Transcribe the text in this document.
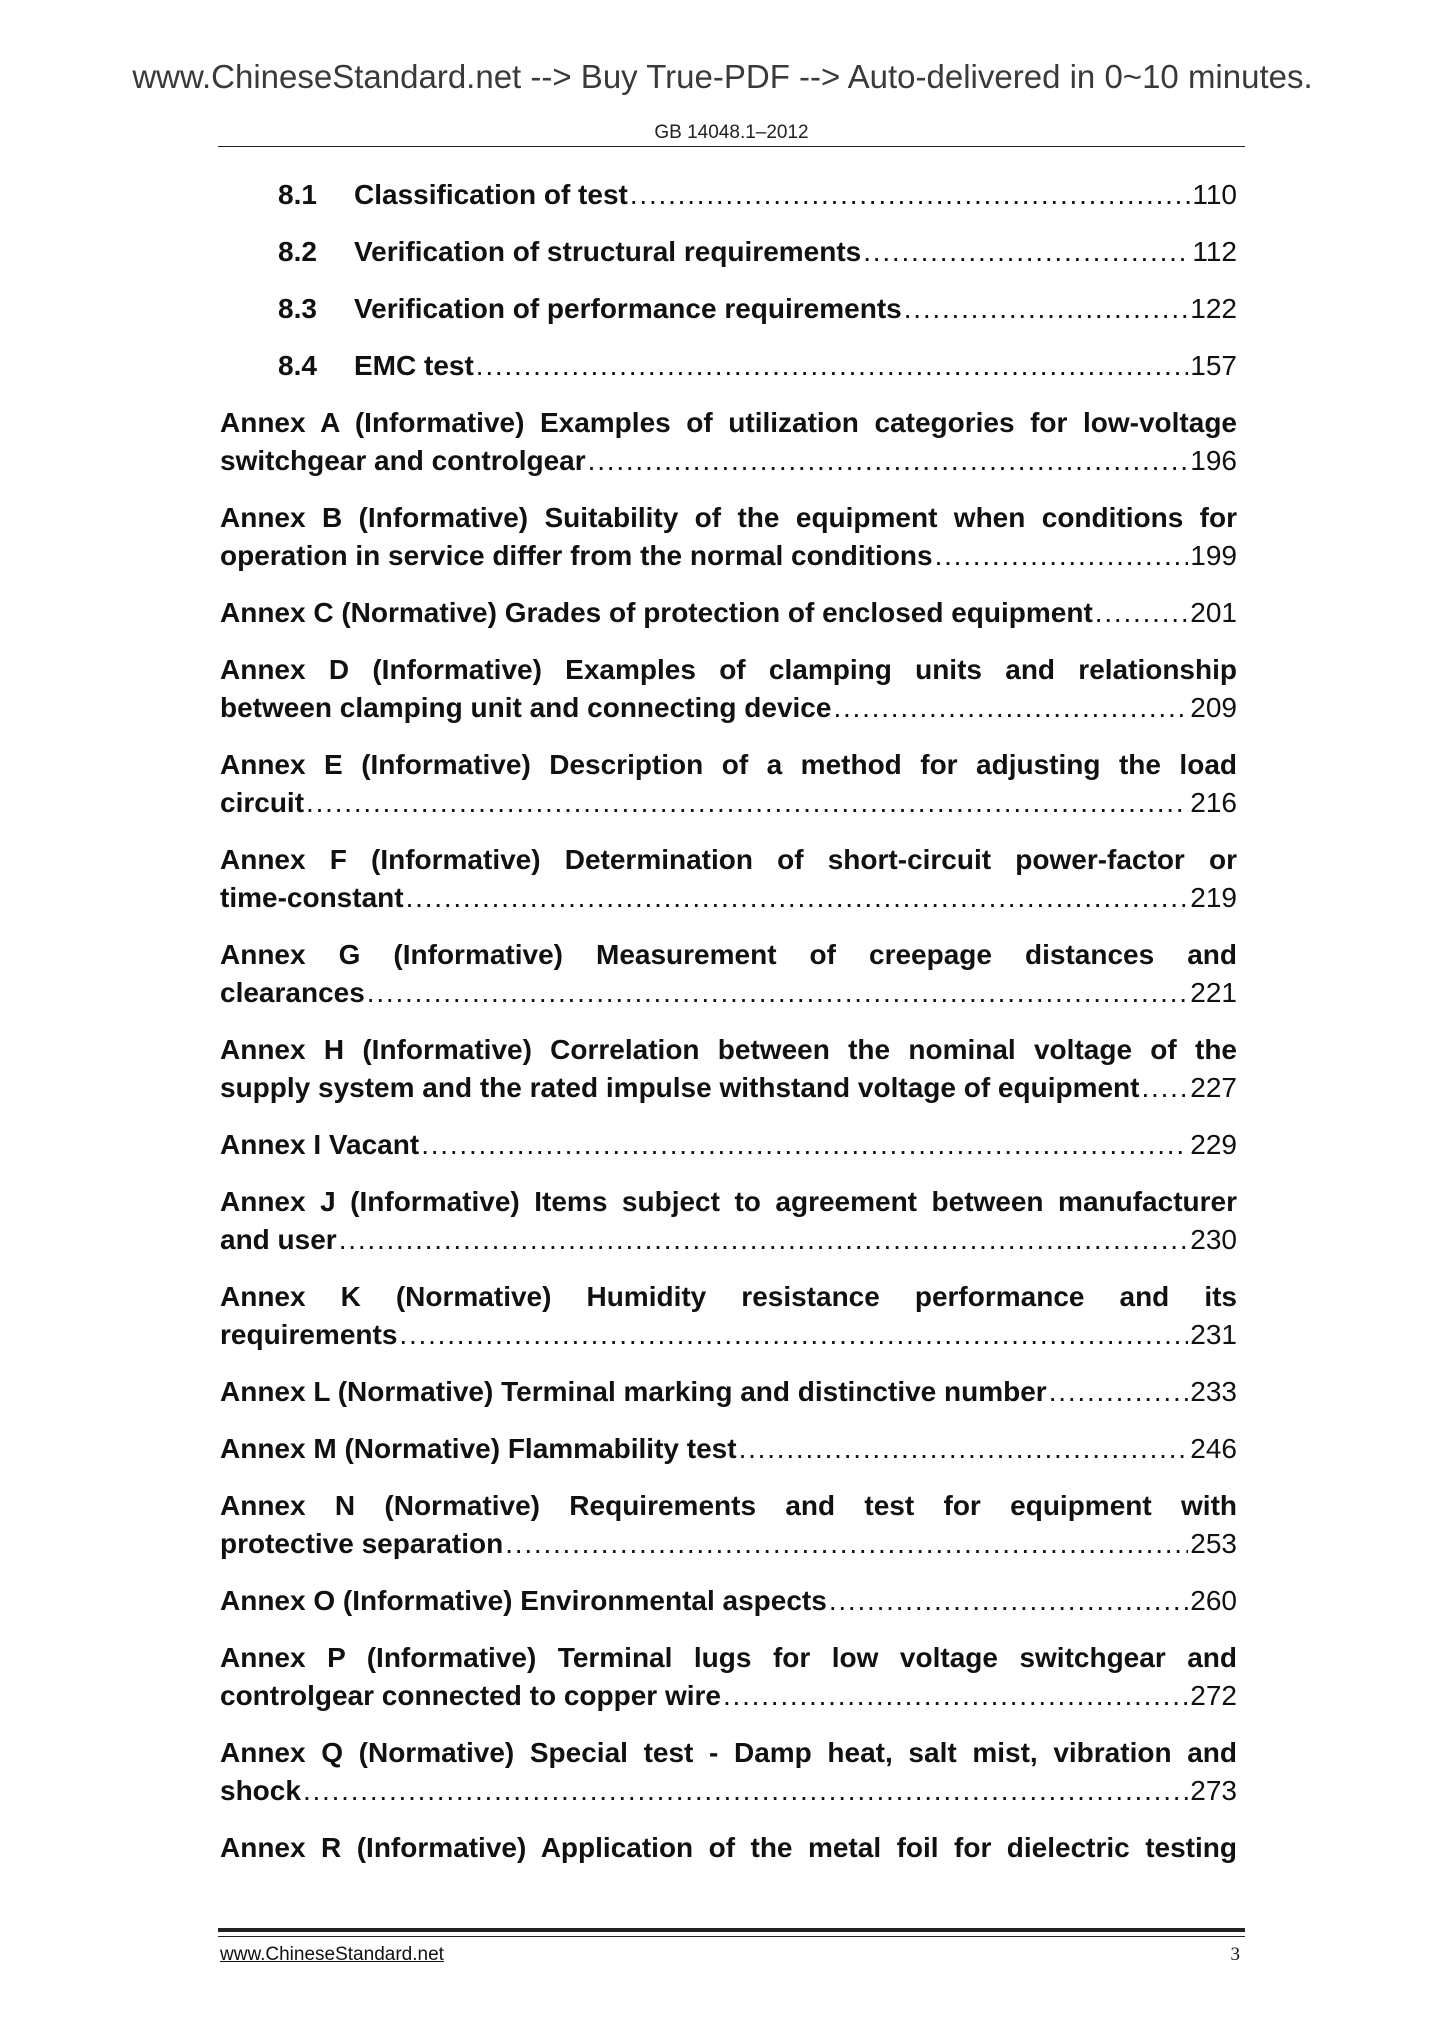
www.ChineseStandard.net --> Buy True-PDF --> Auto-delivered in 0~10 minutes.
GB 14048.1–2012
8.1	Classification of test . . .	110
8.2	Verification of structural requirements . . .	112
8.3	Verification of performance requirements . . .	122
8.4	EMC test . . .	157
Annex A (Informative) Examples of utilization categories for low-voltage
switchgear and controlgear . . .	196
Annex B (Informative) Suitability of the equipment when conditions for
operation in service differ from the normal conditions . . .	199
Annex C (Normative) Grades of protection of enclosed equipment . . .	201
Annex D (Informative) Examples of clamping units and relationship
between clamping unit and connecting device . . .	209
Annex E (Informative) Description of a method for adjusting the load
circuit . . .	216
Annex F (Informative) Determination of short-circuit power-factor or
time-constant . . .	219
Annex G (Informative) Measurement of creepage distances and
clearances . . .	221
Annex H (Informative) Correlation between the nominal voltage of the
supply system and the rated impulse withstand voltage of equipment . . . 227
Annex I Vacant . . .	229
Annex J (Informative) Items subject to agreement between manufacturer
and user . . .	230
Annex K (Normative) Humidity resistance performance and its
requirements . . .	231
Annex L (Normative) Terminal marking and distinctive number . . .	233
Annex M (Normative) Flammability test . . .	246
Annex N (Normative) Requirements and test for equipment with
protective separation . . .	253
Annex O (Informative) Environmental aspects . . .	260
Annex P (Informative) Terminal lugs for low voltage switchgear and
controlgear connected to copper wire . . .	272
Annex Q (Normative) Special test - Damp heat, salt mist, vibration and
shock . . .	273
Annex R (Informative) Application of the metal foil for dielectric testing
www.ChineseStandard.net	3
